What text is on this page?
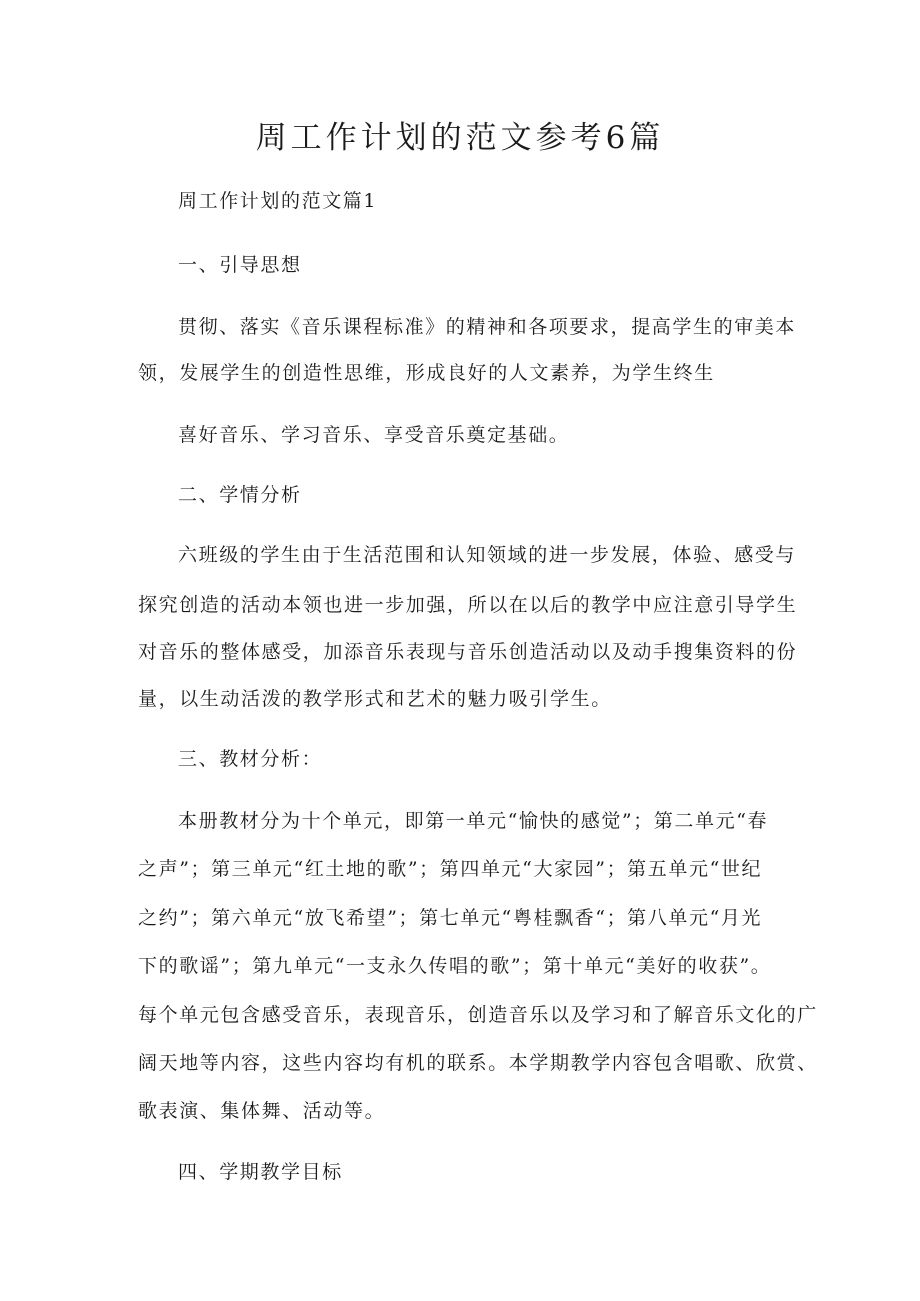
周工作计划的范文参考6篇

周工作计划的范文篇1

一、引导思想

贯彻、落实《音乐课程标准》的精神和各项要求，提高学生的审美本

领，发展学生的创造性思维，形成良好的人文素养，为学生终生

喜好音乐、学习音乐、享受音乐奠定基础。

二、学情分析

六班级的学生由于生活范围和认知领域的进一步发展，体验、感受与

探究创造的活动本领也进一步加强，所以在以后的教学中应注意引导学生

对音乐的整体感受，加添音乐表现与音乐创造活动以及动手搜集资料的份

量，以生动活泼的教学形式和艺术的魅力吸引学生。

三、教材分析：

本册教材分为十个单元，即第一单元“愉快的感觉”；第二单元“春

之声”；第三单元“红土地的歌”；第四单元“大家园”；第五单元“世纪

之约”；第六单元“放飞希望”；第七单元“粤桂飘香“；第八单元“月光

下的歌谣”；第九单元“一支永久传唱的歌”；第十单元“美好的收获”。

每个单元包含感受音乐，表现音乐，创造音乐以及学习和了解音乐文化的广

阔天地等内容，这些内容均有机的联系。本学期教学内容包含唱歌、欣赏、

歌表演、集体舞、活动等。

四、学期教学目标
